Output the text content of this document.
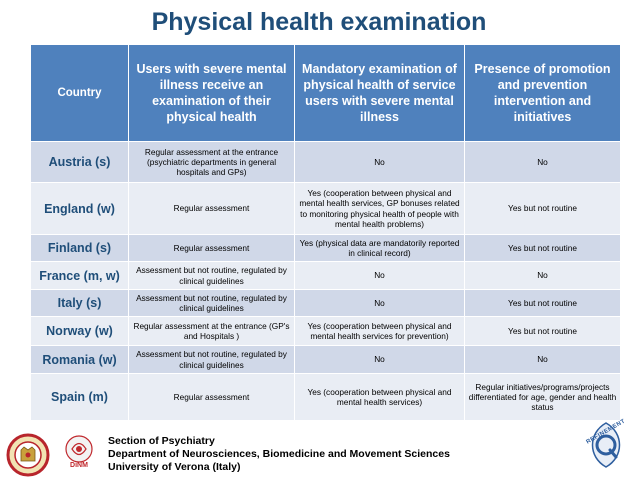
Physical health examination
Country	Users with severe mental illness receive an examination of their physical health	Mandatory examination of physical health of service users with severe mental illness	Presence of promotion and prevention intervention and initiatives
Austria (s)	Regular assessment at the entrance (psychiatric departments in general hospitals and GPs)	No	No
England (w)	Regular assessment	Yes (cooperation between physical and mental health services, GP bonuses related to monitoring physical health of people with mental health problems)	Yes but not routine
Finland (s)	Regular assessment	Yes (physical data are mandatorily reported in clinical record)	Yes but not routine
France (m, w)	Assessment but not routine, regulated by clinical guidelines	No	No
Italy (s)	Assessment but not routine, regulated by clinical guidelines	No	Yes but not routine
Norway (w)	Regular assessment at the entrance (GP's and Hospitals )	Yes (cooperation between physical and mental health services for prevention)	Yes but not routine
Romania (w)	Assessment but not routine, regulated by clinical guidelines	No	No
Spain (m)	Regular assessment	Yes (cooperation between physical and mental health services)	Regular initiatives/programs/projects differentiated for age, gender and health status
DiNM
Section of Psychiatry
Department of Neurosciences, Biomedicine and Movement Sciences
University of Verona (Italy)
REFINEMENT
